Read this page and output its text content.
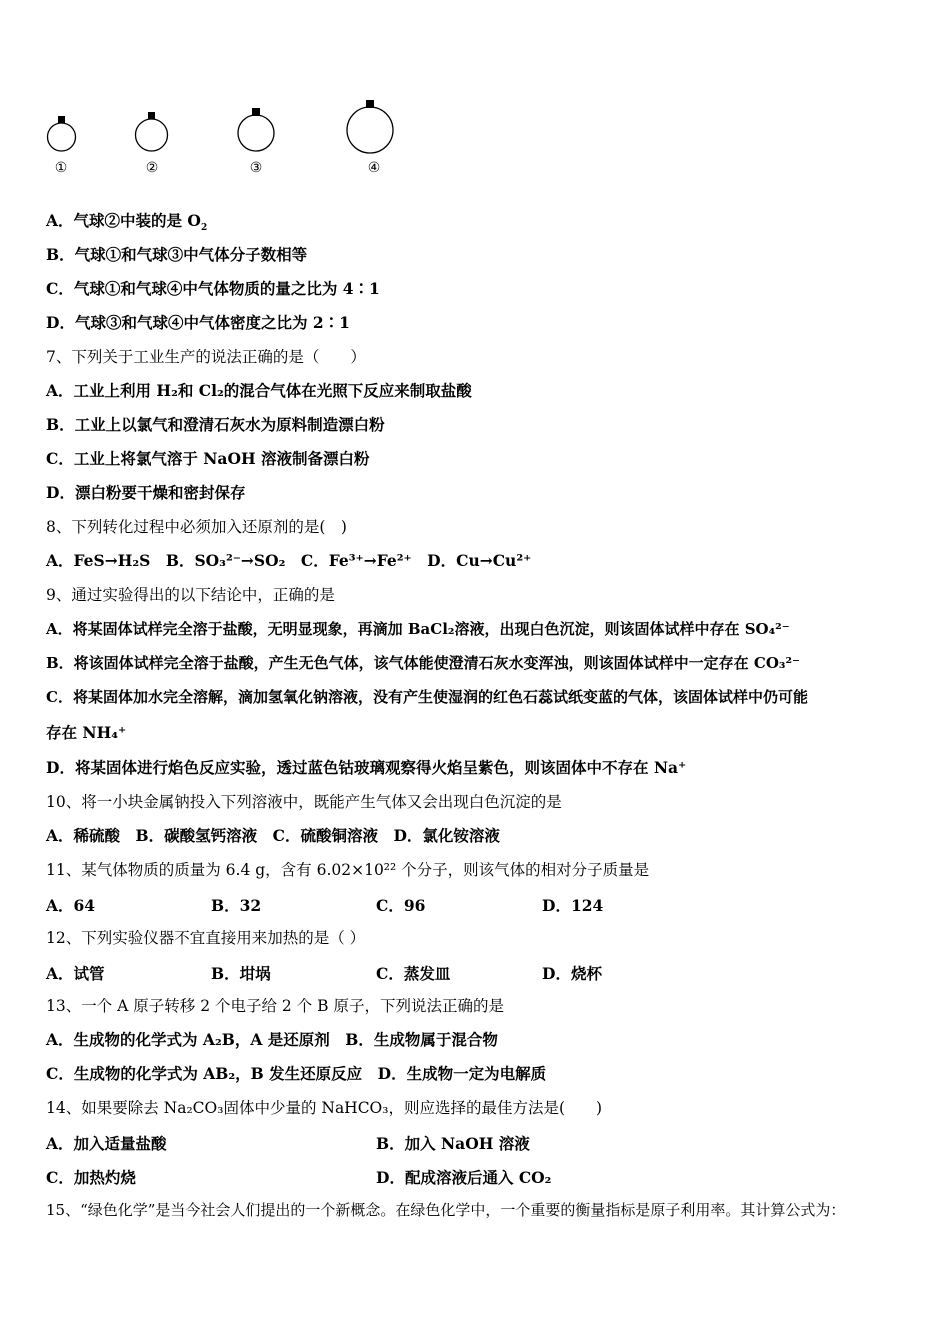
①	②	③	④
A．气球②中装的是 $O_2$
B．气球①和气球③中气体分子数相等
C．气球①和气球④中气体物质的量之比为 4∶1
D．气球③和气球④中气体密度之比为 2∶1
7、下列关于工业生产的说法正确的是（　　）
A．工业上利用 H₂和 Cl₂的混合气体在光照下反应来制取盐酸
B．工业上以氯气和澄清石灰水为原料制造漂白粉
C．工业上将氯气溶于 NaOH 溶液制备漂白粉
D．漂白粉要干燥和密封保存
8、下列转化过程中必须加入还原剂的是(　)
A．FeS→H₂S　B．SO₃²⁻→SO₂　C．Fe³⁺→Fe²⁺　D．Cu→Cu²⁺
9、通过实验得出的以下结论中，正确的是
A．将某固体试样完全溶于盐酸，无明显现象，再滴加 BaCl₂溶液，出现白色沉淀，则该固体试样中存在 SO₄²⁻
B．将该固体试样完全溶于盐酸，产生无色气体，该气体能使澄清石灰水变浑浊，则该固体试样中一定存在 CO₃²⁻
C．将某固体加水完全溶解，滴加氢氧化钠溶液，没有产生使湿润的红色石蕊试纸变蓝的气体，该固体试样中仍可能
存在 NH₄⁺
D．将某固体进行焰色反应实验，透过蓝色钴玻璃观察得火焰呈紫色，则该固体中不存在 Na⁺
10、将一小块金属钠投入下列溶液中，既能产生气体又会出现白色沉淀的是
A．稀硫酸　B．碳酸氢钙溶液　C．硫酸铜溶液　D．氯化铵溶液
11、某气体物质的质量为 6.4 g，含有 6.02×10²² 个分子，则该气体的相对分子质量是
A．64	B．32	C．96	D．124
12、下列实验仪器不宜直接用来加热的是（ ）
A．试管	B．坩埚	C．蒸发皿	D．烧杯
13、一个 A 原子转移 2 个电子给 2 个 B 原子，下列说法正确的是
A．生成物的化学式为 A₂B，A 是还原剂　B．生成物属于混合物
C．生成物的化学式为 AB₂，B 发生还原反应　D．生成物一定为电解质
14、如果要除去 Na₂CO₃固体中少量的 NaHCO₃，则应选择的最佳方法是(　　)
A．加入适量盐酸	B．加入 NaOH 溶液
C．加热灼烧	D．配成溶液后通入 CO₂
15、“绿色化学”是当今社会人们提出的一个新概念。在绿色化学中，一个重要的衡量指标是原子利用率。其计算公式为：
